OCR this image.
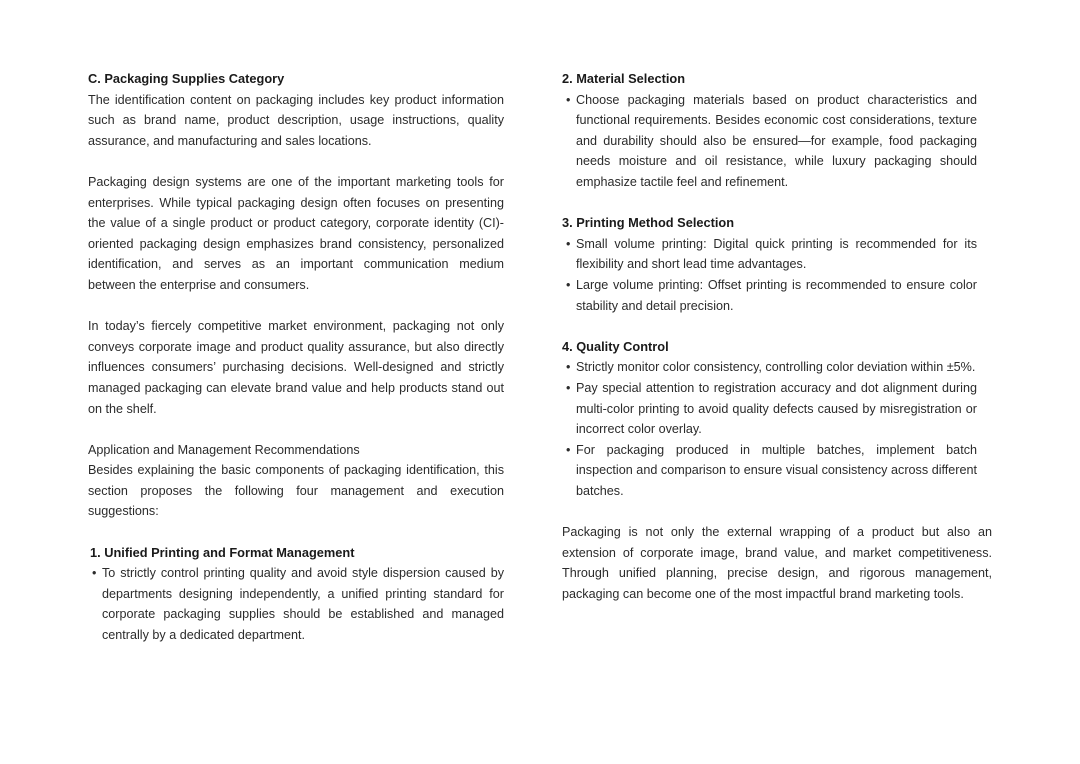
C. Packaging Supplies Category

The identification content on packaging includes key product information such as brand name, product description, usage instructions, quality assurance, and manufacturing and sales locations.

Packaging design systems are one of the important marketing tools for enterprises. While typical packaging design often focuses on presenting the value of a single product or product category, corporate identity (CI)-oriented packaging design emphasizes brand consistency, personalized identification, and serves as an important communication medium between the enterprise and consumers.

In today’s fiercely competitive market environment, packaging not only conveys corporate image and product quality assurance, but also directly influences consumers’ purchasing decisions. Well-designed and strictly managed packaging can elevate brand value and help products stand out on the shelf.

Application and Management Recommendations

Besides explaining the basic components of packaging identification, this section proposes the following four management and execution suggestions:

1. Unified Printing and Format Management

• To strictly control printing quality and avoid style dispersion caused by departments designing independently, a unified printing standard for corporate packaging supplies should be established and managed centrally by a dedicated department.

2. Material Selection

• Choose packaging materials based on product characteristics and functional requirements. Besides economic cost considerations, texture and durability should also be ensured—for example, food packaging needs moisture and oil resistance, while luxury packaging should emphasize tactile feel and refinement.

3. Printing Method Selection

• Small volume printing: Digital quick printing is recommended for its flexibility and short lead time advantages.
• Large volume printing: Offset printing is recommended to ensure color stability and detail precision.

4. Quality Control

• Strictly monitor color consistency, controlling color deviation within ±5%.
• Pay special attention to registration accuracy and dot alignment during multi-color printing to avoid quality defects caused by misregistration or incorrect color overlay.
• For packaging produced in multiple batches, implement batch inspection and comparison to ensure visual consistency across different batches.

Packaging is not only the external wrapping of a product but also an extension of corporate image, brand value, and market competitiveness. Through unified planning, precise design, and rigorous management, packaging can become one of the most impactful brand marketing tools.
